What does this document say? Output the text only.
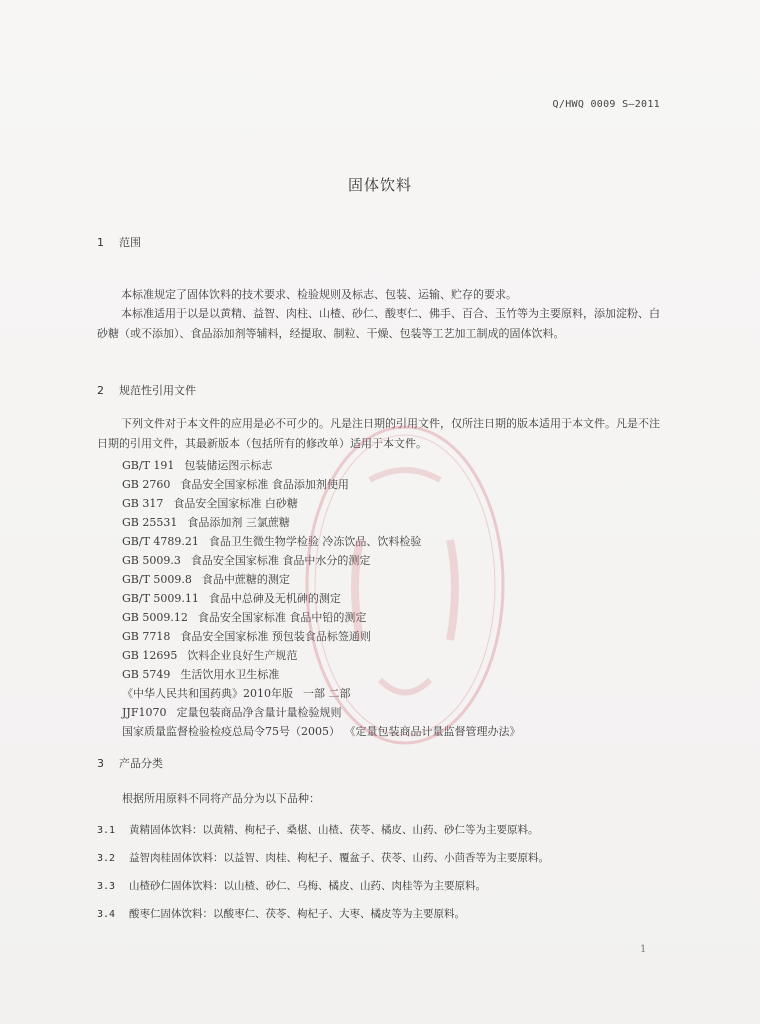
Q/HWQ 0009 S—2011
固体饮料
1 范围
本标准规定了固体饮料的技术要求、检验规则及标志、包装、运输、贮存的要求。
本标准适用于以是以黄精、益智、肉柱、山楂、砂仁、酸枣仁、佛手、百合、玉竹等为主要原料，添加淀粉、白砂糖（或不添加）、食品添加剂等辅料，经提取、制粒、干燥、包装等工艺加工制成的固体饮料。
2 规范性引用文件
下列文件对于本文件的应用是必不可少的。凡是注日期的引用文件，仅所注日期的版本适用于本文件。凡是不注日期的引用文件，其最新版本（包括所有的修改单）适用于本文件。
GB/T 191 包装储运图示标志
GB 2760 食品安全国家标准 食品添加剂使用
GB 317 食品安全国家标准 白砂糖
GB 25531 食品添加剂 三氯蔗糖
GB/T 4789.21 食品卫生微生物学检验 冷冻饮品、饮料检验
GB 5009.3 食品安全国家标准 食品中水分的测定
GB/T 5009.8 食品中蔗糖的测定
GB/T 5009.11 食品中总砷及无机砷的测定
GB 5009.12 食品安全国家标准 食品中铅的测定
GB 7718 食品安全国家标准 预包装食品标签通则
GB 12695 饮料企业良好生产规范
GB 5749 生活饮用水卫生标准
《中华人民共和国药典》2010年版 一部 二部
JJF1070 定量包装商品净含量计量检验规则
国家质量监督检验检疫总局令75号（2005） 《定量包装商品计量监督管理办法》
3 产品分类
根据所用原料不同将产品分为以下品种：
3.1 黄精固体饮料：以黄精、枸杞子、桑椹、山楂、茯苓、橘皮、山药、砂仁等为主要原料。
3.2 益智肉桂固体饮料：以益智、肉桂、枸杞子、覆盆子、茯苓、山药、小茴香等为主要原料。
3.3 山楂砂仁固体饮料：以山楂、砂仁、乌梅、橘皮、山药、肉桂等为主要原料。
3.4 酸枣仁固体饮料：以酸枣仁、茯苓、枸杞子、大枣、橘皮等为主要原料。
1
